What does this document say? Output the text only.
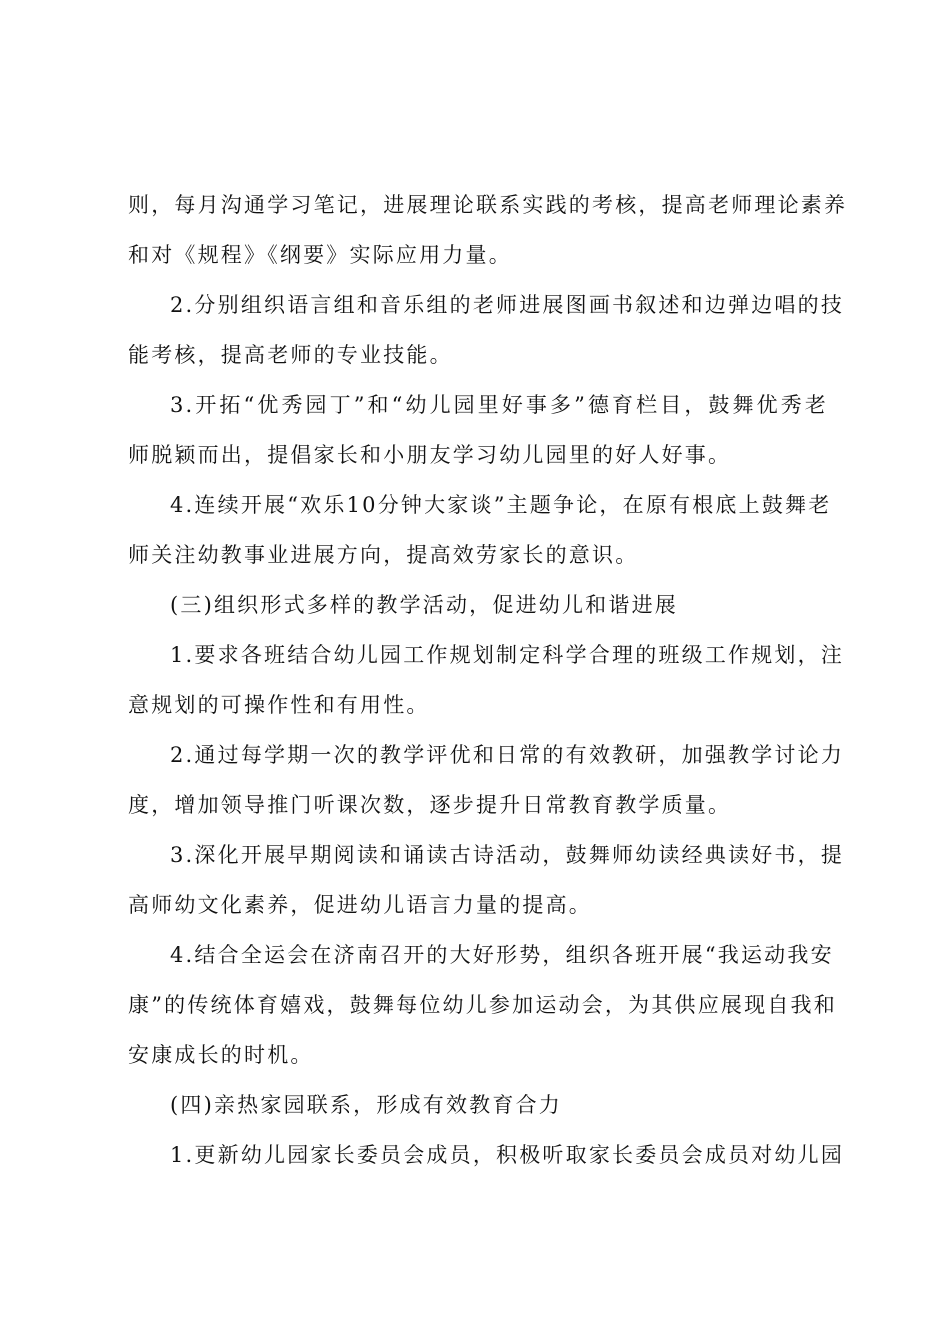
则，每月沟通学习笔记，进展理论联系实践的考核，提高老师理论素养
和对《规程》《纲要》实际应用力量。
2.分别组织语言组和音乐组的老师进展图画书叙述和边弹边唱的技
能考核，提高老师的专业技能。
3.开拓“优秀园丁”和“幼儿园里好事多”德育栏目，鼓舞优秀老
师脱颖而出，提倡家长和小朋友学习幼儿园里的好人好事。
4.连续开展“欢乐10分钟大家谈”主题争论，在原有根底上鼓舞老
师关注幼教事业进展方向，提高效劳家长的意识。
(三)组织形式多样的教学活动，促进幼儿和谐进展
1.要求各班结合幼儿园工作规划制定科学合理的班级工作规划，注
意规划的可操作性和有用性。
2.通过每学期一次的教学评优和日常的有效教研，加强教学讨论力
度，增加领导推门听课次数，逐步提升日常教育教学质量。
3.深化开展早期阅读和诵读古诗活动，鼓舞师幼读经典读好书，提
高师幼文化素养，促进幼儿语言力量的提高。
4.结合全运会在济南召开的大好形势，组织各班开展“我运动我安
康”的传统体育嬉戏，鼓舞每位幼儿参加运动会，为其供应展现自我和
安康成长的时机。
(四)亲热家园联系，形成有效教育合力
1.更新幼儿园家长委员会成员，积极听取家长委员会成员对幼儿园
